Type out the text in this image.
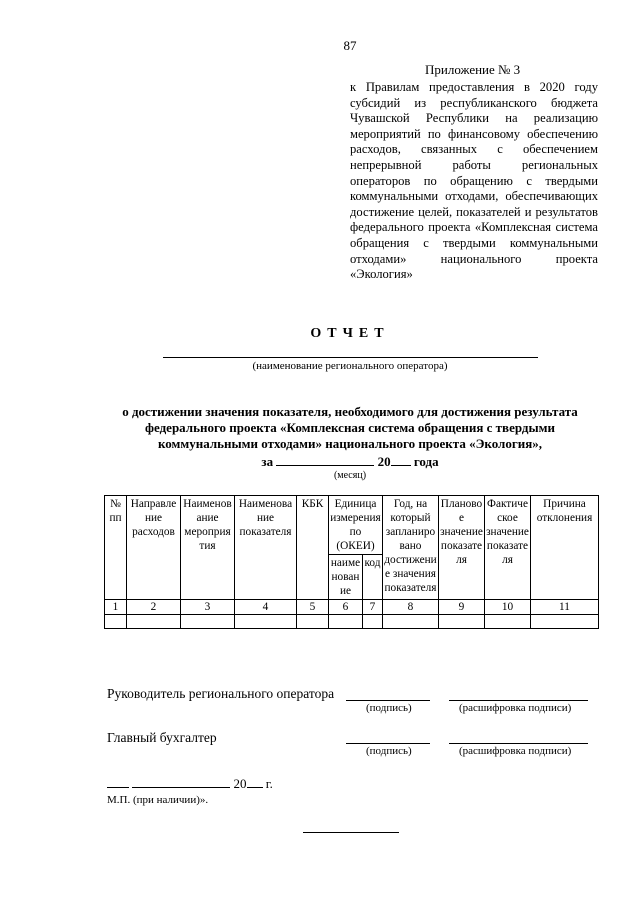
87
Приложение № 3
к Правилам предоставления в 2020 году субсидий из республиканского бюджета Чувашской Республики на реализацию мероприятий по финансовому обеспечению расходов, связанных с обеспечением непрерывной работы региональных операторов по обращению с твердыми коммунальными отходами, обеспечивающих достижение целей, показателей и результатов федерального проекта «Комплексная система обращения с твердыми коммунальными отходами» национального проекта «Экология»
ОТЧЕТ
(наименование регионального оператора)
о достижении значения показателя, необходимого для достижения результата федерального проекта «Комплексная система обращения с твердыми коммунальными отходами» национального проекта «Экология»,
за	20 года
(месяц)
№ пп	Направление расходов	Наименование мероприятия	Наименование показателя	КБК	Единица измерения по (ОКЕИ)		Год, на который запланировано достижение значения показателя	Плановое значение показателя	Фактическое значение показателя	Причина отклонения
					наименование	код				
1	2	3	4	5	6	7	8	9	10	11

Руководитель регионального оператора
(подпись)	(расшифровка подписи)
Главный бухгалтер
(подпись)	(расшифровка подписи)
20 г.
М.П. (при наличии)».
